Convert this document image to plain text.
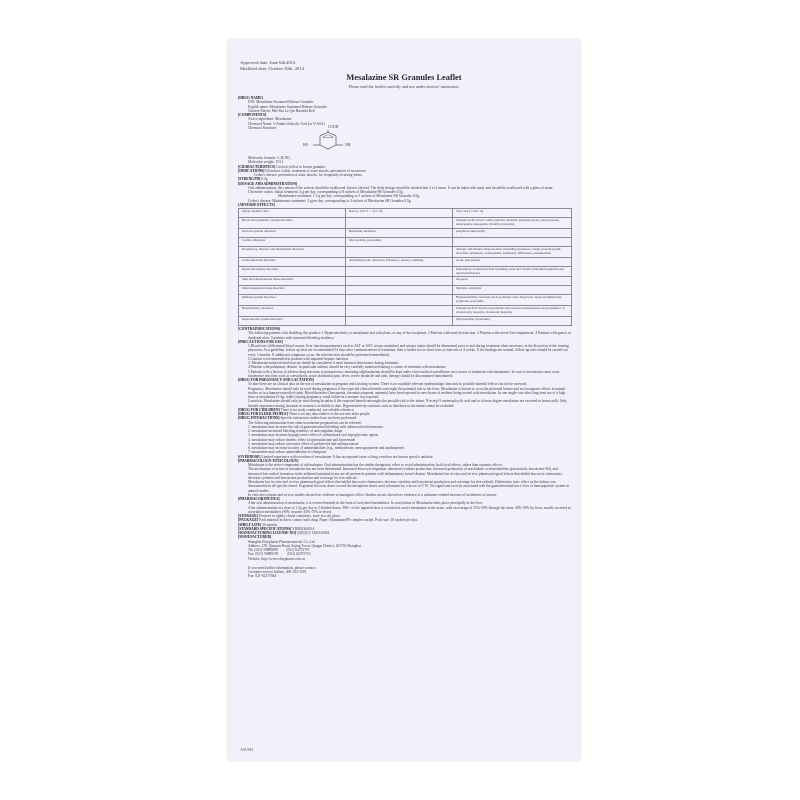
Approved date: June 6th,2014
Modified date: October 30th, 2014
Mesalazine SR Granules Leaflet
Please read the leaflet carefully and use under doctors' instruction.
[DRUG NAME]
INN: Mesalazine Sustained Release Granules
English name: Mesalazine Sustained Release Granules
Chinese Pinyin: Mei Sha La Qin Huanshi Keli
[COMPONENTS]
Active ingredient: Mesalazine
Chemical Name: 5-Amino Salicylic Acid (or 5-ASA)
Chemical Structure:	COOH
HO	NH₂
Molecular formula: C₇H₇NO₃
Molecular weight: 153.1
[CHARACTERISTICS] Greyish yellow to brown granules.
[INDICATIONS] Ulcerative colitis: treatment of acute attacks, prevention of recurrence.
Crohn's disease: prevention of acute attacks, for frequently recurring forms.
[STRENGTH] 0.5g
[DOSAGE AND ADMINISTRATION]

Oral administration, the content of the sachets should be swallowed, but not chewed. The daily dosage should be divided into 3 to 4 times. It can be taken with meal, and should be swallowed with a glass of water.

Ulcerative colitis: Initial treatment: 4 g per day, corresponding to 8 sachets of Mesalazine SR Granules 0.5g.
Maintenance treatment: 1.5 g per day, corresponding to 3 sachets of Mesalazine SR Granules 0.5g.
Crohn's disease: Maintenance treatment: 2 g per day, corresponding to 4 sachets of Mesalazine SR Granules 0.5g.
[ADVERSE EFFECTS]
Organ System Class	Rare (≥ 0.01% ~ <0.1 %)	Very rare (< 0.01 %)
Blood and lymphatic system disorders		Changes in the blood counts (aplastic anaemia, agranulocytosis, pancytopenia, neutropenia, leukopenia, thrombocytopenia)
Nervous system disorders	Headache, dizziness	peripheral neuropathy
Cardiac disorders	Myocarditis, pericarditis	
Respiratory, thoracic and mediastinal disorders		Allergic and fibrotic lung reactions (including dyspnoea, cough, bronchospasm, alveolitis, pulmonary eosinophilia, pulmonary infiltration, pneumonitis)
Gastrointestinal disorders	Abdominal pain, diarrhoea, flatulence, nausea, vomiting	Acute pancreatitis
Renal and urinary disorders		Impairment of renal function including acute and chronic interstitial nephritis and renal insufficiency
Skin and subcutaneous tissue disorders		Alopecia
Musculoskeletal tissue disorders		Myalgia, arthralgia
Immune system disorders		Hypersensitivity reactions such as allergic rash, drug fever, lupus erythematosus syndrome, pancolitis
Hepatobiliary disorders		Changes in liver function parameters (increase in transaminases and parameters of cholestasis), hepatitis, cholestatic hepatitis
Reproductive system disorders		Oligospermia (reversible)
[CONTRAINDICATIONS]

The following patients with disabling this product: 1.Hypersensitivity to mesalazine and salicylates, or any of the excipients. 2 Patients with renal dysfunction. 3 Patients with severe liver impairment. 4 Patients with gastric or duodenal ulcer. 5 patients with increased bleeding tendency.

[PRECAUTIONS FOR USE]

1.Blood tests (differential blood counts; liver function parameters such as ALT or AST; serum creatinine) and urinary status should be determined prior to and during treatment when necessary, at the discretion of the treating physician. As a guideline, follow up tests are recommended 14 days after commencement of treatment, then a further two to three tests at intervals of 4 weeks. If the findings are normal, follow-up tests should be carried out every 3 months. If additional symptoms occur, the relevant tests should be performed immediately.

2.Caution is recommended in patients with impaired hepatic function.
3. Mesalazine-induced renal toxicity should be considered if renal function deteriorates during treatment.
4.Patients with pulmonary disease, in particular asthma, should be very carefully monitored during a course of treatment with mesalazine.

5.Patients with a history of adverse drug reactions to preparations containing sulphasalazine should be kept under close medical surveillance on a course of treatment with mesalazine. In case of mesalazine cause acute intolerance reactions such as convulsions, acute abdominal pain, fever, severe headache and rash, therapy should be discontinued immediately.

[DRUG FOR PREGNANCY AND LACTATION]

To date there are no clinical data on the use of mesalazine in pregnant and lactating women. There is no available relevant epidemiologic data and its possible harmful effects can not be assessed.

Pregnancy: Mesalazine should only be used during pregnancy if the expected clinical benefit outweighs the potential risk to the fetus. Mesalazine is known to cross the placental barrier and no teratogenic effects in animal studies or in a human-controlled study. Blood disorders (leucopenia, thrombocytopenia, anaemia) have been reported in new-borns of mothers being treated with mesalazine. In one single case after long term use of a high dose of mesalazine (2-4g, orally) during pregnancy, renal failure in a neonate was reported.

Lactation: Mesalazine should only be used during lactation if the expected benefit outweighs the possible risk to the infant. N-acetyl-5-aminosalicylic acid and to a lesser degree mesalazine are excreted in breast milk. Only limited experience during lactation in women is available to date. Hypersensitivity reactions such as diarrhoea in the infant cannot be excluded.

[DRUG FOR CHILDREN] There is no study conducted, not reliable reference.
[DRUG FOR ELDER PEOPLE] There is no any data relative to the use into elder people.
[DRUG INTERACTIONS] Specific interaction studies have not been performed.
The following information from other mesalazine preparations can be referred:
1. mesalazine may increase the risk of gastrointestinal bleeding with adrenocortical hormones
2. mesalazine increased bleeding tendency of anticoagulant drugs
3. mesalazine may increase hypoglycemic effect of sulfonylurea oral hypoglycemic agents
4. mesalazine may reduce diuretic effect of spironolactone and furosemide
5. mesalazine may reduce uricosuric effect of probenecid and sulfinpyrazone
6. mesalazine may increase toxicity of antimetabolites (e.g., methotrexate, mercaptopurine and azathioprine)
7. mesalazine may reduce antimetabolite of rifampicin
[OVERDOSE] Limited experience with overdose of mesalazine. It has no reported cases of drug overdose are known specific antidote.
[PHARMACOLOGY-TOXICOLOGY]

Mesalazine is the active component of sulfasalazine. Oral administration has the similar therapeutic effect to rectal administration, both local effects, rather than systemic effects.

The mechanism of action of mesalazine has not been determined. Increased leucocyte migration, abnormal cytokine production, increased production of arachidonic acid metabolites (particularly leucotriene B4), and increased free radical formation in the inflamed intestinal tissue are all present in patients with inflammatory bowel disease. Mesalazine has in-vitro and in-vivo pharmacological effects that inhibit leucocyte chemotaxis, decrease cytokine and leucotriene production and scavenge for free radicals.

Mesalazine has in-vitro and in-vivo pharmacological effects that inhibit leucocyte chemotaxis, decrease cytokine and leucotriene production and scavenge for free radicals. Deleterious toxic effect on the kidney was demonstrated in all specific tested. In general the toxic doses exceed the therapeutic doses used in humans by a factor of 5-10. No significant toxicity associated with the gastrointestinal tract, liver or hematopoietic system in animal studies.

In vitro test systems and in vivo studies showed no evidence of mutagenic effect. Studies on rats showed no evidence of a substance-related increase of incidences of tumors.

[PHARMACOKINETICS]

After oral administration of mesalazine, it is excreted mainly in the form of acetylated metabolites. Its acetylation of Mesalazine takes place principally in the liver.

After administration at a dose of 1.5g per day in 3 divided doses, 30%~ of the ingested dose is excreted as acetyl mesalazine in the urine, with an average of 35%-50% through the urine, 40%-50% by feces, mostly excreted as acetylation metabolites (90% in urine, 65%-70% in feces).

[STORAGE] Preserve in tightly closed containers, store in a dry place.
[PACKAGE] Pack material in direct contact with drug: Paper /Aluminum/PE complex sachet. Pack size: 18 sachets per box.
[SHELF LIFE] 36 months
[STANDARD SPECIFICATIONS] YBH02362014
[MANUFACTURING LICENSE NO] 国药准字 H20143304
[MANUFACTURER]
Shanghai Ethypharm Pharmaceuticals Co.,Ltd
Address: 278, Qianyan Road, Sujing Town, Qingpu District, 201702 Shanghai
Tel: (021) 59889898          (021) 62375707
Fax: (021) 59889199          (021) 62375710
Website: http://www.ethypharm.com.cn
If you need further information, please contact:
Customer service hotline: 400-102-3319
Fax: 021-62375944
ASUM1
